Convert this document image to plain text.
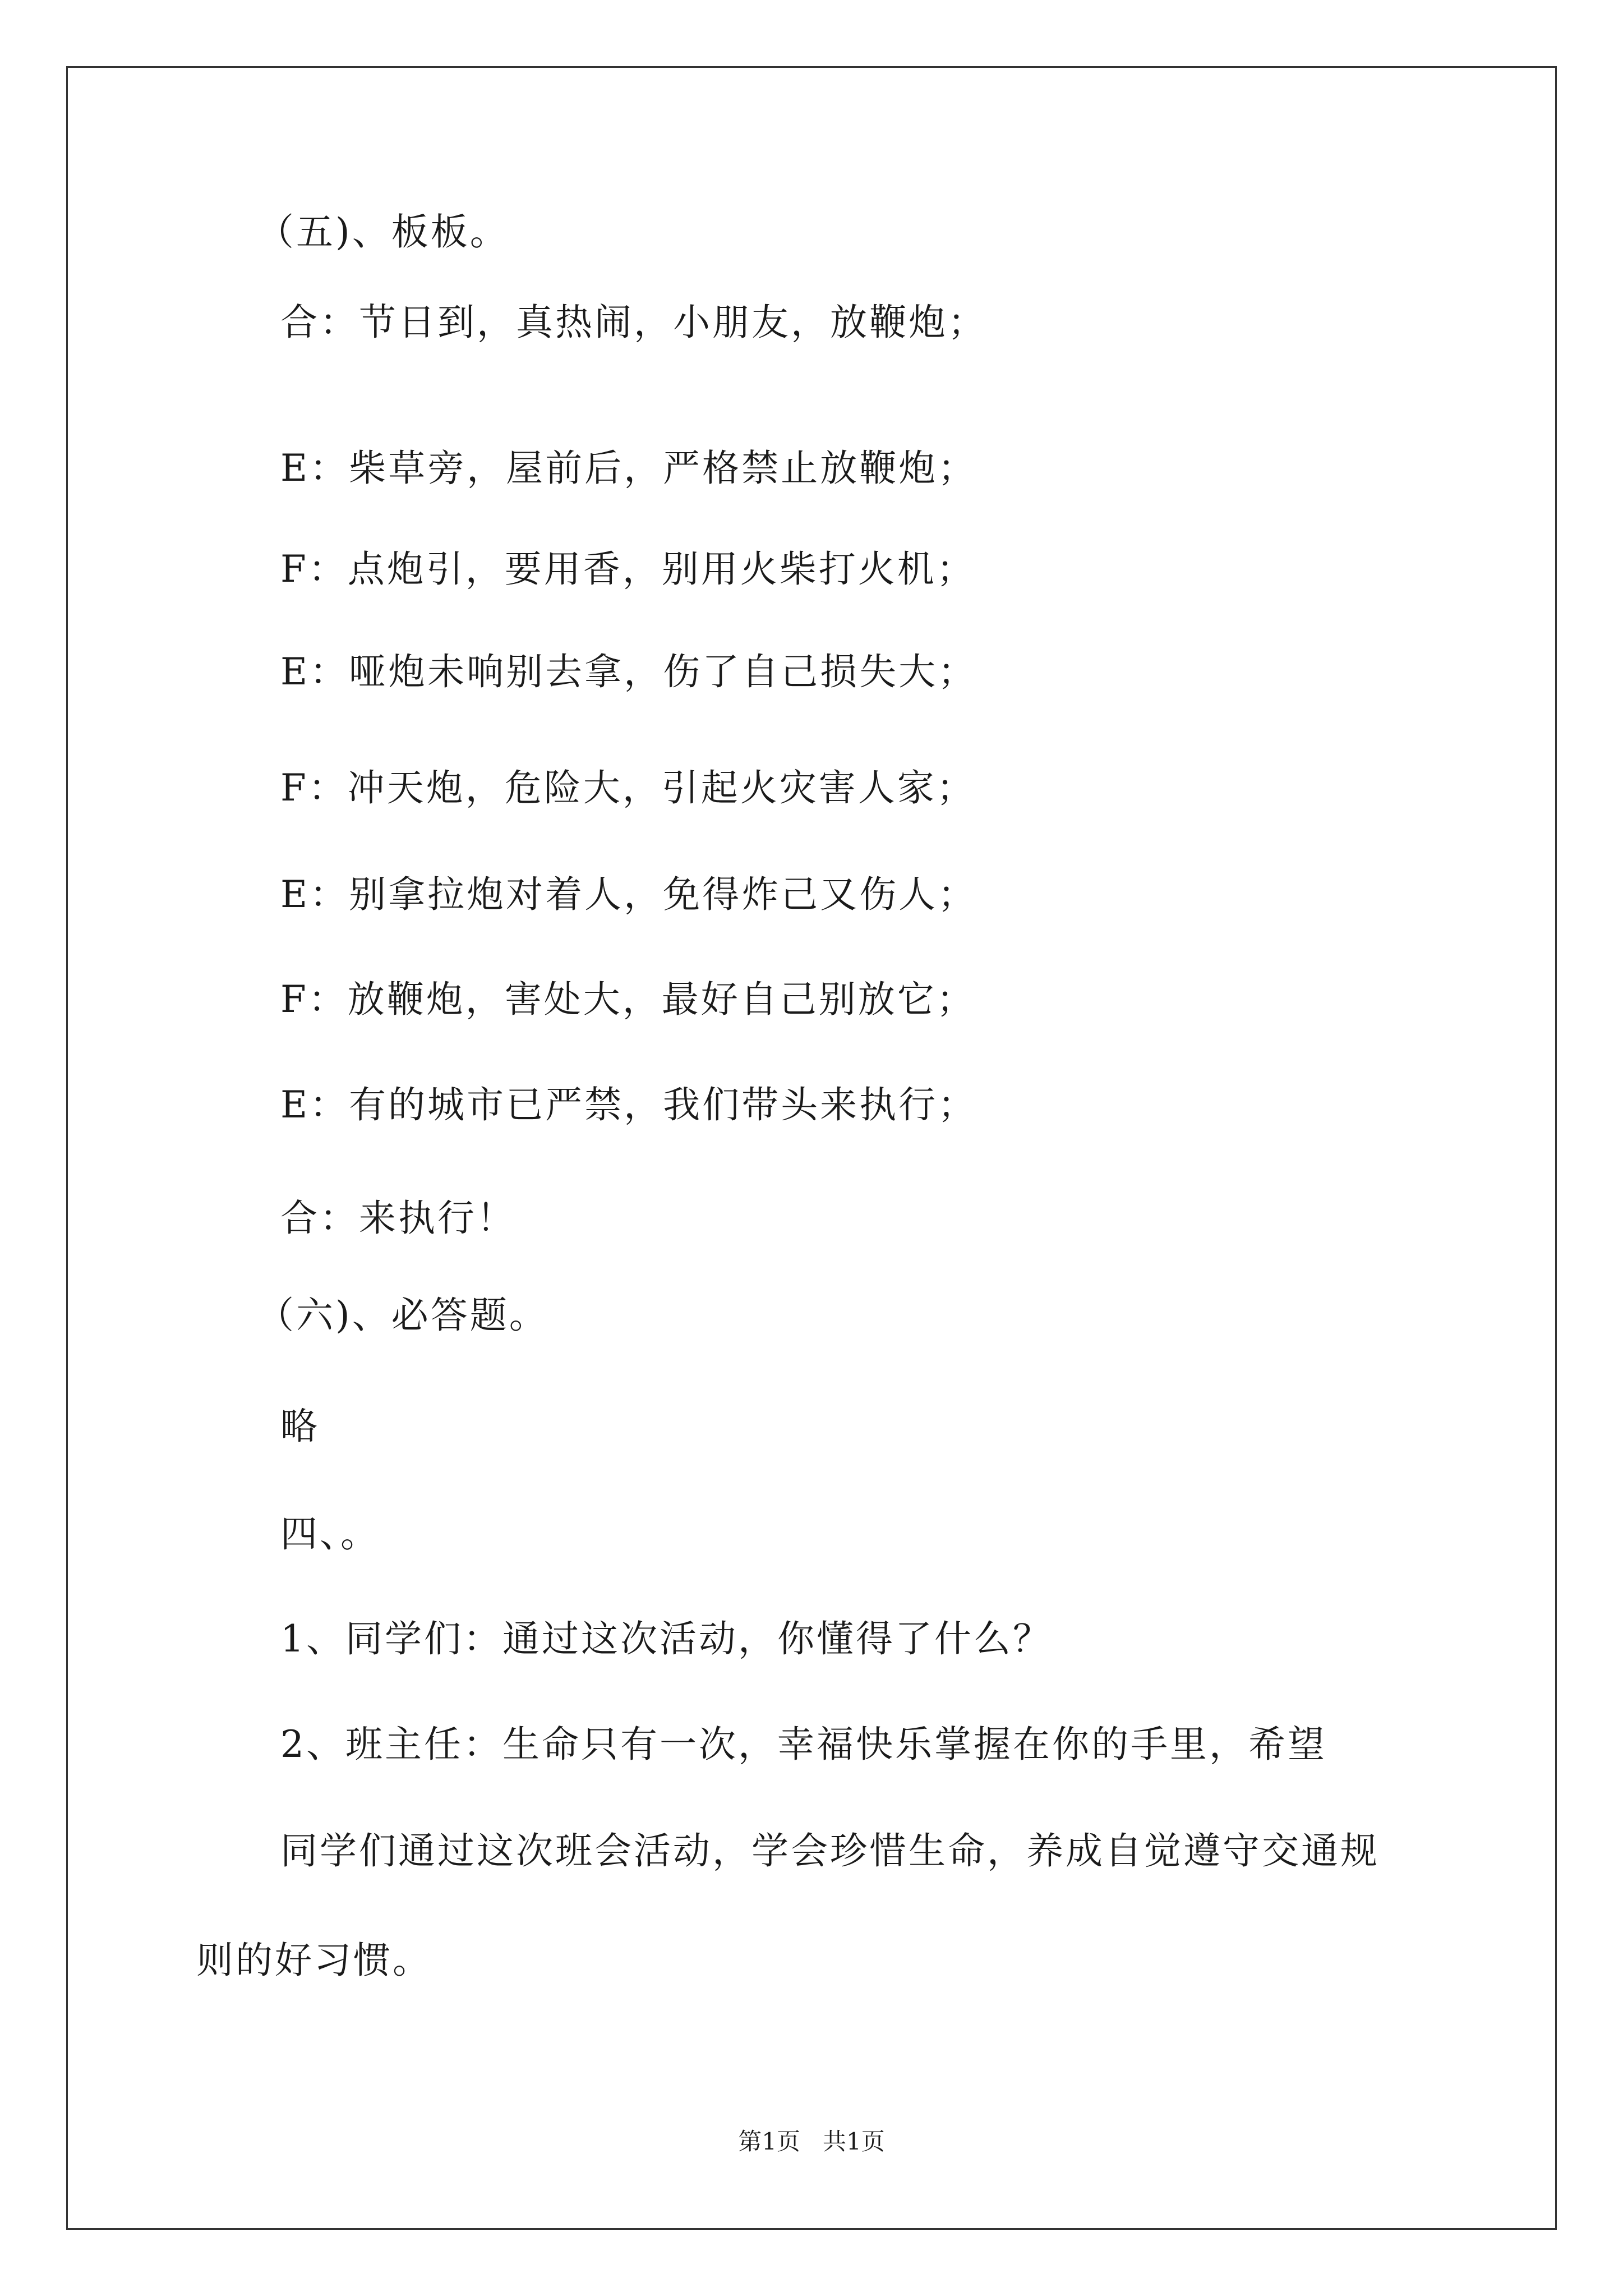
（五)、板板。
合：节日到，真热闹，小朋友，放鞭炮；
E：柴草旁，屋前后，严格禁止放鞭炮；
F：点炮引，要用香，别用火柴打火机；
E：哑炮未响别去拿，伤了自己损失大；
F：冲天炮，危险大，引起火灾害人家；
E：别拿拉炮对着人，免得炸己又伤人；
F：放鞭炮，害处大，最好自己别放它；
E：有的城市已严禁，我们带头来执行；
合：来执行！
（六)、必答题。
略
四、。
1、同学们：通过这次活动，你懂得了什么？
2、班主任：生命只有一次，幸福快乐掌握在你的手里，希望
同学们通过这次班会活动，学会珍惜生命，养成自觉遵守交通规
则的好习惯。
第1页   共1页
